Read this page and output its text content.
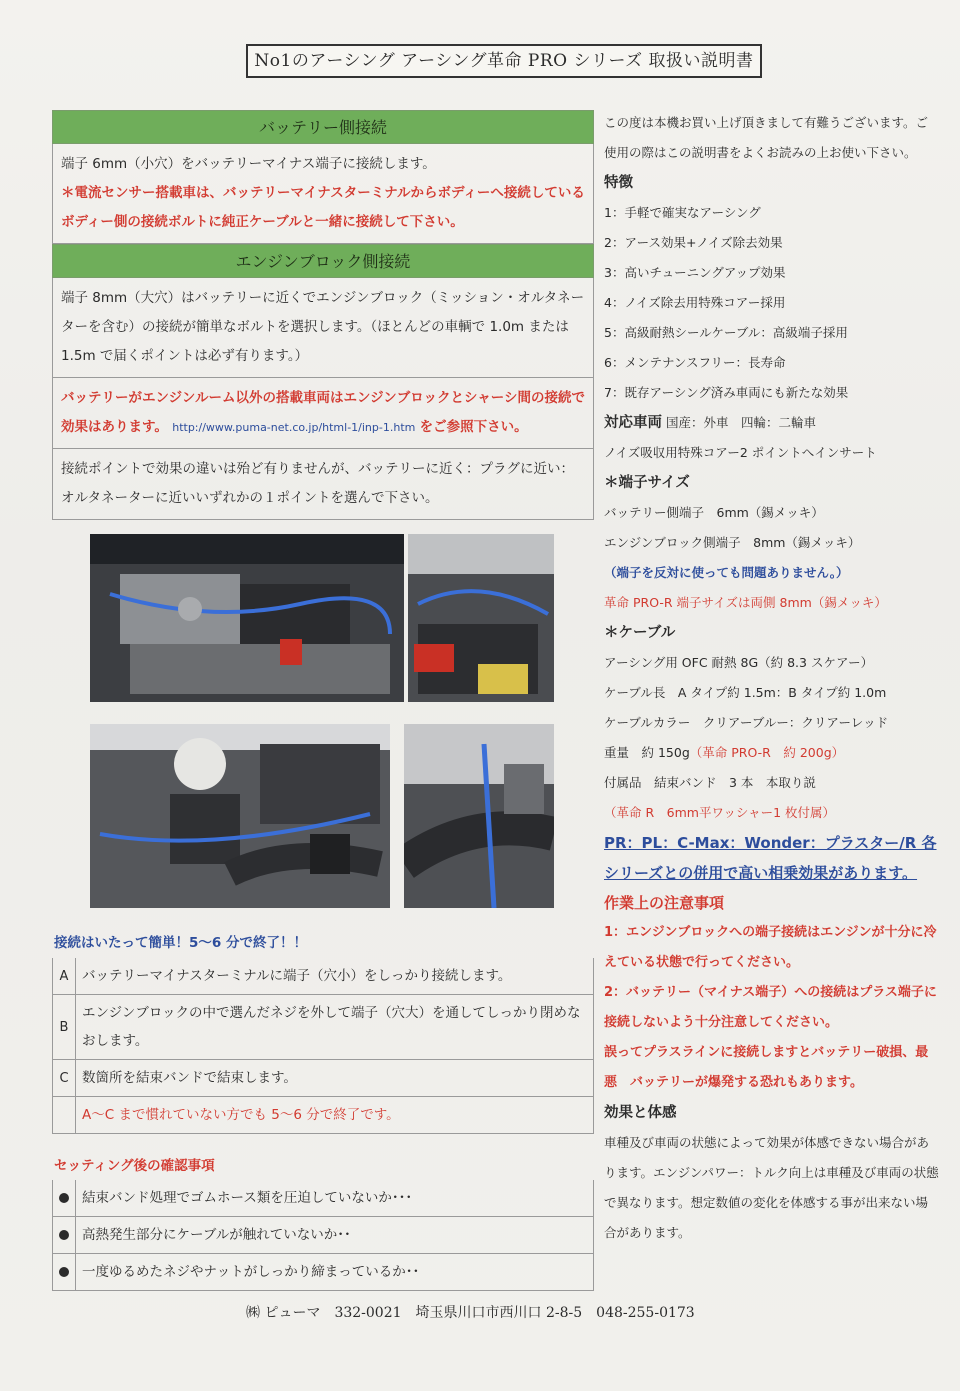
No1のアーシング アーシング革命 PRO シリーズ 取扱い説明書
バッテリー側接続
端子 6mm（小穴）をバッテリーマイナス端子に接続します。
＊電流センサー搭載車は、バッテリーマイナスターミナルからボディーへ接続しているボディー側の接続ボルトに純正ケーブルと一緒に接続して下さい。
エンジンブロック側接続
端子 8mm（大穴）はバッテリーに近くでエンジンブロック（ミッション・オルタネーターを含む）の接続が簡単なボルトを選択します。（ほとんどの車輌で 1.0m または 1.5m で届くポイントは必ず有ります。）
バッテリーがエンジンルーム以外の搭載車両はエンジンブロックとシャーシ間の接続で効果はあります。 http://www.puma-net.co.jp/html-1/inp-1.htm をご参照下さい。
接続ポイントで効果の違いは殆ど有りませんが、バッテリーに近く：プラグに近い：オルタネーターに近いいずれかの１ポイントを選んで下さい。
接続はいたって簡単！5〜6 分で終了！！
A	バッテリーマイナスターミナルに端子（穴小）をしっかり接続します。
B
エンジンブロックの中で選んだネジを外して端子（穴大）を通してしっかり閉めなおします。
C 数箇所を結束バンドで結束します。
A〜C まで慣れていない方でも 5〜6 分で終了です。
セッティング後の確認事項
結束バンド処理でゴムホース類を圧迫していないか･･･
高熱発生部分にケーブルが触れていないか･･
一度ゆるめたネジやナットがしっかり締まっているか･･
この度は本機お買い上げ頂きまして有難うございます。ご使用の際はこの説明書をよくお読みの上お使い下さい。
特徴
1：手軽で確実なアーシング
2：アース効果+ノイズ除去効果
3：高いチューニングアップ効果
4：ノイズ除去用特殊コアー採用
5：高級耐熱シールケーブル：高級端子採用
6：メンテナンスフリー：長寿命
7：既存アーシング済み車両にも新たな効果
対応車両 国産：外車　四輪：二輪車
ノイズ吸収用特殊コアー2 ポイントへインサート
＊端子サイズ
バッテリー側端子　6mm（錫メッキ）
エンジンブロック側端子　8mm（錫メッキ）
（端子を反対に使っても問題ありません。）
革命 PRO-R 端子サイズは両側 8mm（錫メッキ）
＊ケーブル
アーシング用 OFC 耐熱 8G（約 8.3 スケアー）
ケーブル長　A タイプ約 1.5m：B タイプ約 1.0m
ケーブルカラー　クリアーブルー：クリアーレッド
重量　約 150g（革命 PRO-R　約 200g）
付属品　結束バンド　3 本　本取り説
（革命 R　6mm平ワッシャー1 枚付属）
PR：PL：C-Max：Wonder：プラスター/R 各シリーズとの併用で高い相乗効果があります。
作業上の注意事項
1：エンジンブロックへの端子接続はエンジンが十分に冷えている状態で行ってください。
2：バッテリー（マイナス端子）への接続はプラス端子に接続しないよう十分注意してください。
誤ってプラスラインに接続しますとバッテリー破損、最悪　バッテリーが爆発する恐れもあります。
効果と体感
車種及び車両の状態によって効果が体感できない場合があります。エンジンパワー：トルク向上は車種及び車両の状態で異なります。想定数値の変化を体感する事が出来ない場合があります。
㈱ ピューマ　332-0021　埼玉県川口市西川口 2-8-5　048-255-0173
